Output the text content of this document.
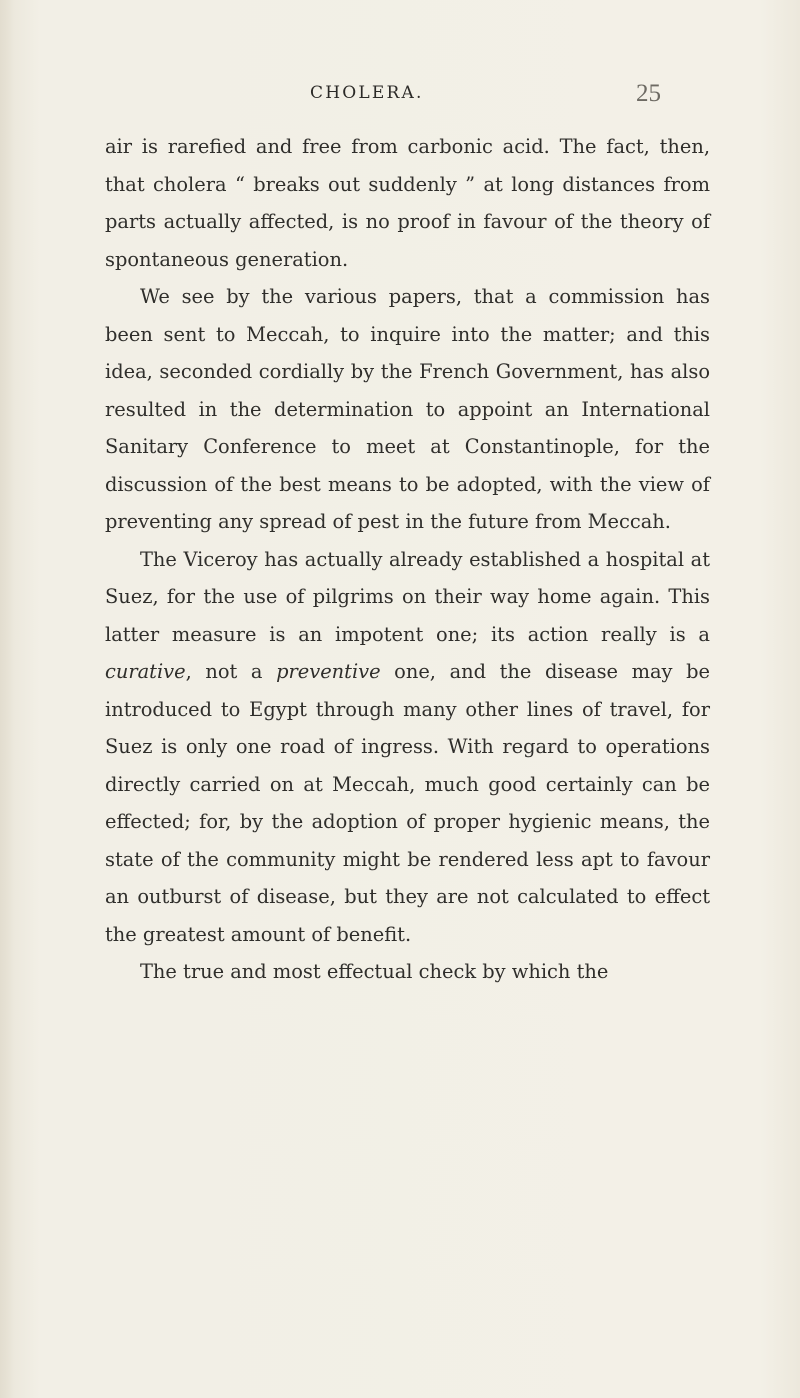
CHOLERA.	25

air is rarefied and free from carbonic acid. The fact, then, that cholera “ breaks out suddenly ” at long distances from parts actually affected, is no proof in favour of the theory of spontaneous generation.

We see by the various papers, that a commission has been sent to Meccah, to inquire into the matter; and this idea, seconded cordially by the French Government, has also resulted in the determination to appoint an International Sanitary Conference to meet at Constantinople, for the discussion of the best means to be adopted, with the view of preventing any spread of pest in the future from Meccah.

The Viceroy has actually already established a hospital at Suez, for the use of pilgrims on their way home again. This latter measure is an impotent one; its action really is a curative, not a preventive one, and the disease may be introduced to Egypt through many other lines of travel, for Suez is only one road of ingress. With regard to operations directly carried on at Meccah, much good certainly can be effected; for, by the adoption of proper hygienic means, the state of the community might be rendered less apt to favour an outburst of disease, but they are not calculated to effect the greatest amount of benefit.

The true and most effectual check by which the
